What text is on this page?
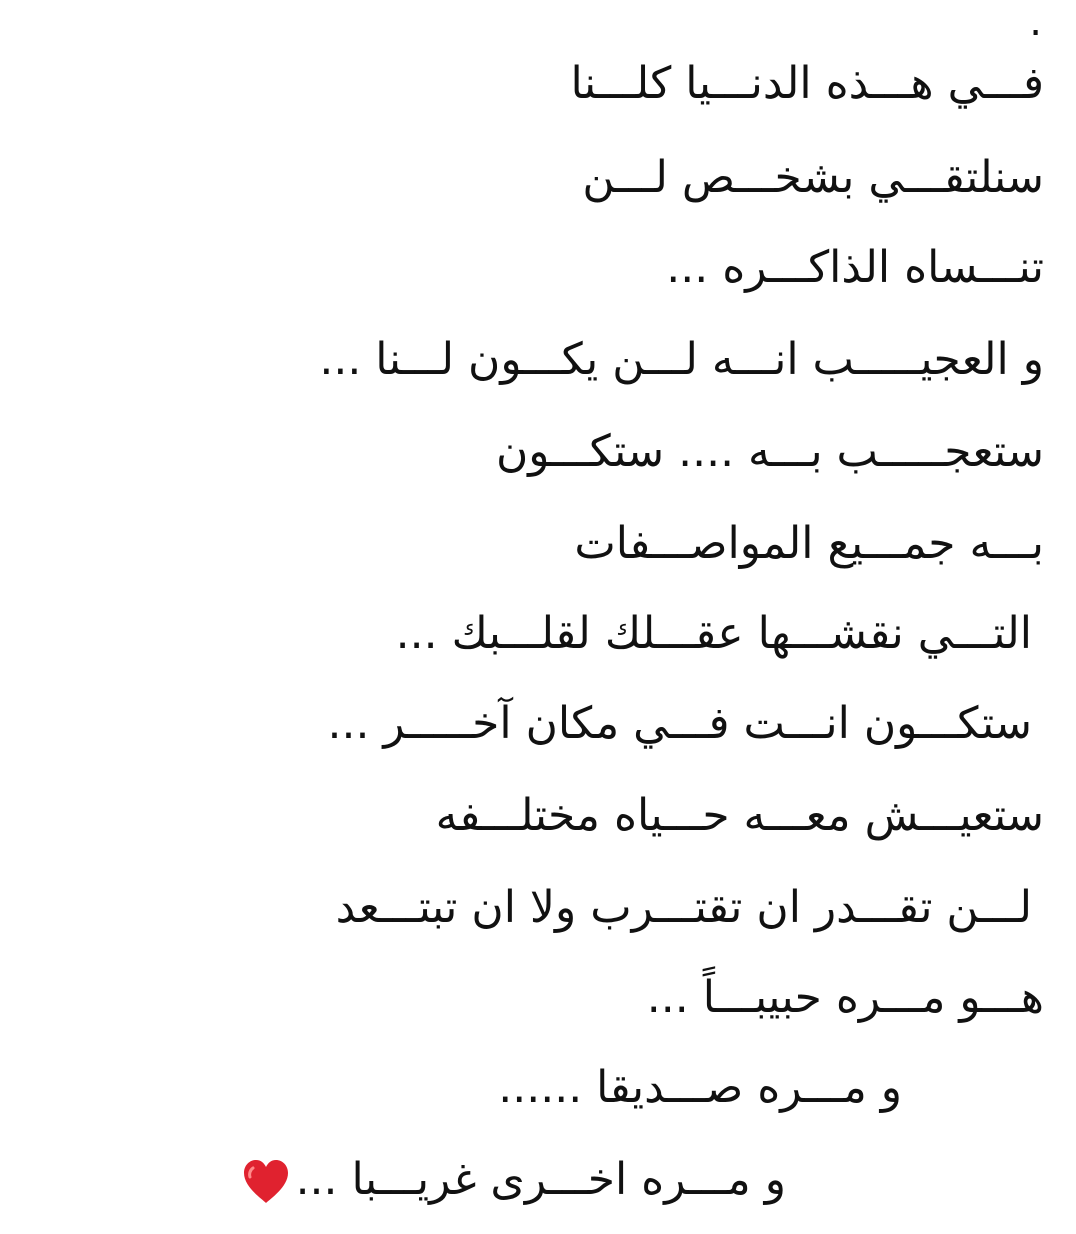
.
فـــي هـــذه الدنـــيا كلـــنا
سنلتقـــي بشخـــص لـــن
تنـــساه الذاكـــره ...
و العجيـــــب انـــه لـــن يكـــون لـــنا ...
ستعجـــــب بـــه .... ستكـــون
بـــه جمـــيع المواصـــفات
التـــي نقشـــها عقـــلك لقلـــبك ...
ستكـــون انـــت فـــي مكان آخـــــر ...
ستعيـــش معـــه حـــياه مختلـــفه
لـــن تقـــدر ان تقتـــرب ولا ان تبتـــعد
هـــو مـــره حبيبـــاً ...
و مـــره صـــديقا ......
و مـــره اخـــرى غريـــبا ...
